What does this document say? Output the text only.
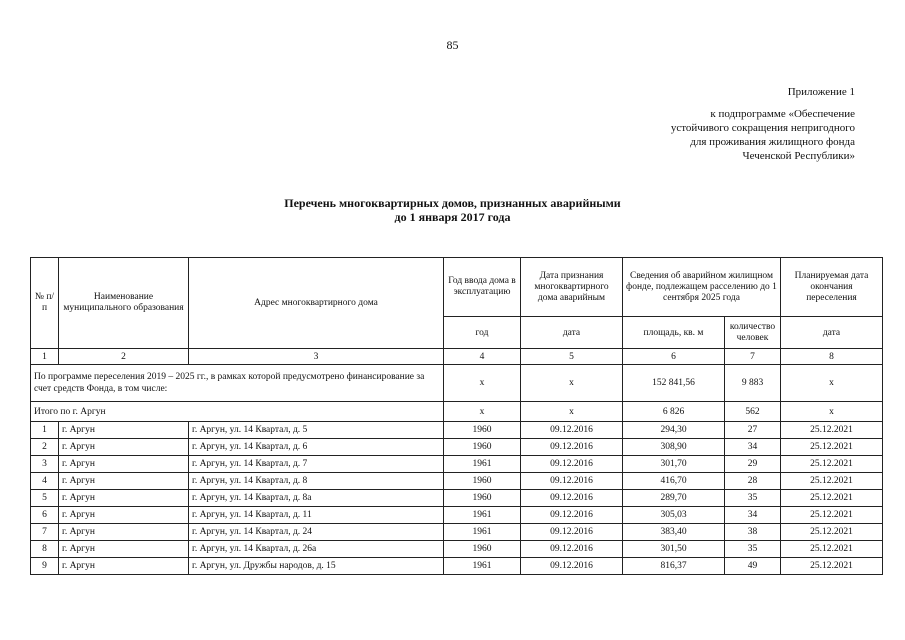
85
Приложение 1
к подпрограмме «Обеспечение
устойчивого сокращения непригодного
для проживания жилищного фонда
Чеченской Республики»
Перечень многоквартирных домов, признанных аварийными
до 1 января 2017 года
№ п/п	Наименование муниципального образования	Адрес многоквартирного дома	Год ввода дома в эксплуатацию	Дата признания многоквартирного дома аварийным	Сведения об аварийном жилищном фонде, подлежащем расселению до 1 сентября 2025 года		Планируемая дата окончания переселения
			год	дата	площадь, кв. м	количество человек	дата
1	2	3	4	5	6	7	8
По программе переселения 2019 – 2025 гг., в рамках которой предусмотрено финансирование за счет средств Фонда, в том числе:			х	х	152 841,56	9 883	х
Итого по г. Аргун			х	х	6 826	562	х
1	г. Аргун	г. Аргун, ул. 14 Квартал, д. 5	1960	09.12.2016	294,30	27	25.12.2021
2	г. Аргун	г. Аргун, ул. 14 Квартал, д. 6	1960	09.12.2016	308,90	34	25.12.2021
3	г. Аргун	г. Аргун, ул. 14 Квартал, д. 7	1961	09.12.2016	301,70	29	25.12.2021
4	г. Аргун	г. Аргун, ул. 14 Квартал, д. 8	1960	09.12.2016	416,70	28	25.12.2021
5	г. Аргун	г. Аргун, ул. 14 Квартал, д. 8а	1960	09.12.2016	289,70	35	25.12.2021
6	г. Аргун	г. Аргун, ул. 14 Квартал, д. 11	1961	09.12.2016	305,03	34	25.12.2021
7	г. Аргун	г. Аргун, ул. 14 Квартал, д. 24	1961	09.12.2016	383,40	38	25.12.2021
8	г. Аргун	г. Аргун, ул. 14 Квартал, д. 26а	1960	09.12.2016	301,50	35	25.12.2021
9	г. Аргун	г. Аргун, ул. Дружбы народов, д. 15	1961	09.12.2016	816,37	49	25.12.2021
